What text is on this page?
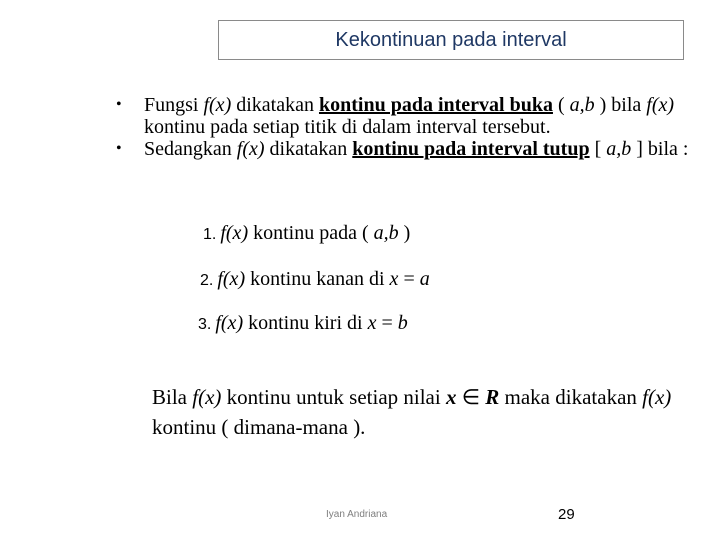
Kekontinuan pada interval
•	Fungsi f(x) dikatakan kontinu pada interval buka ( a,b ) bila f(x) kontinu pada setiap titik di dalam interval tersebut.
•	Sedangkan f(x) dikatakan kontinu pada interval tutup [ a,b ] bila :
1. f(x) kontinu pada ( a,b )
2. f(x) kontinu kanan di x = a
3. f(x) kontinu kiri di x = b
Bila f(x) kontinu untuk setiap nilai x ∈ R maka dikatakan f(x) kontinu ( dimana-mana ).
Iyan Andriana	29
